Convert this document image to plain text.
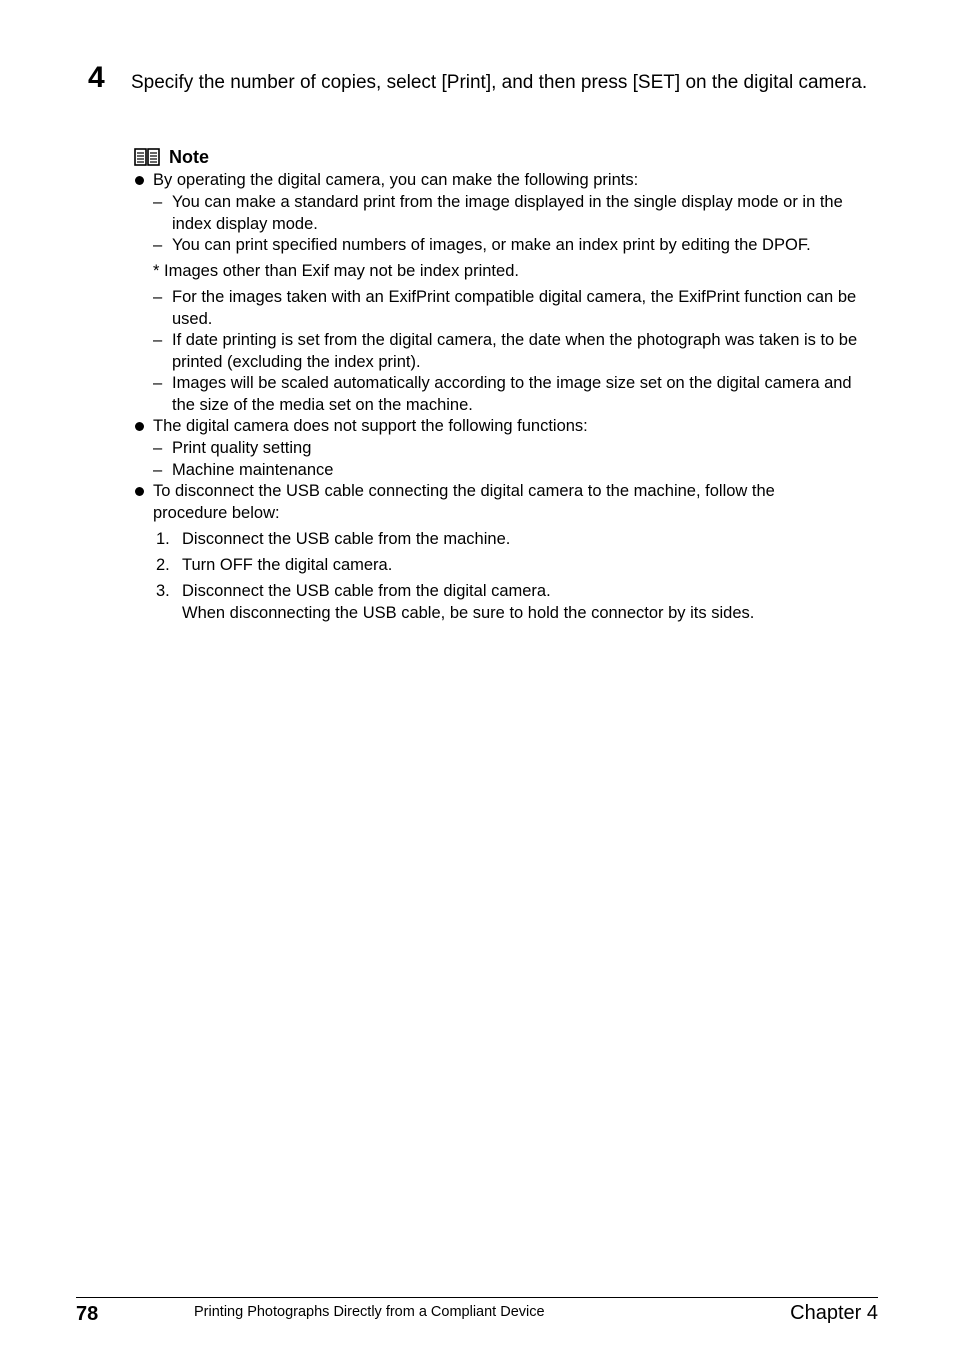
4 Specify the number of copies, select [Print], and then press [SET] on the digital camera.
Note
By operating the digital camera, you can make the following prints:
– You can make a standard print from the image displayed in the single display mode or in the index display mode.
– You can print specified numbers of images, or make an index print by editing the DPOF.
* Images other than Exif may not be index printed.
– For the images taken with an ExifPrint compatible digital camera, the ExifPrint function can be used.
– If date printing is set from the digital camera, the date when the photograph was taken is to be printed (excluding the index print).
– Images will be scaled automatically according to the image size set on the digital camera and the size of the media set on the machine.
The digital camera does not support the following functions:
– Print quality setting
– Machine maintenance
To disconnect the USB cable connecting the digital camera to the machine, follow the procedure below:
1. Disconnect the USB cable from the machine.
2. Turn OFF the digital camera.
3. Disconnect the USB cable from the digital camera.
When disconnecting the USB cable, be sure to hold the connector by its sides.
78	Printing Photographs Directly from a Compliant Device	Chapter 4
